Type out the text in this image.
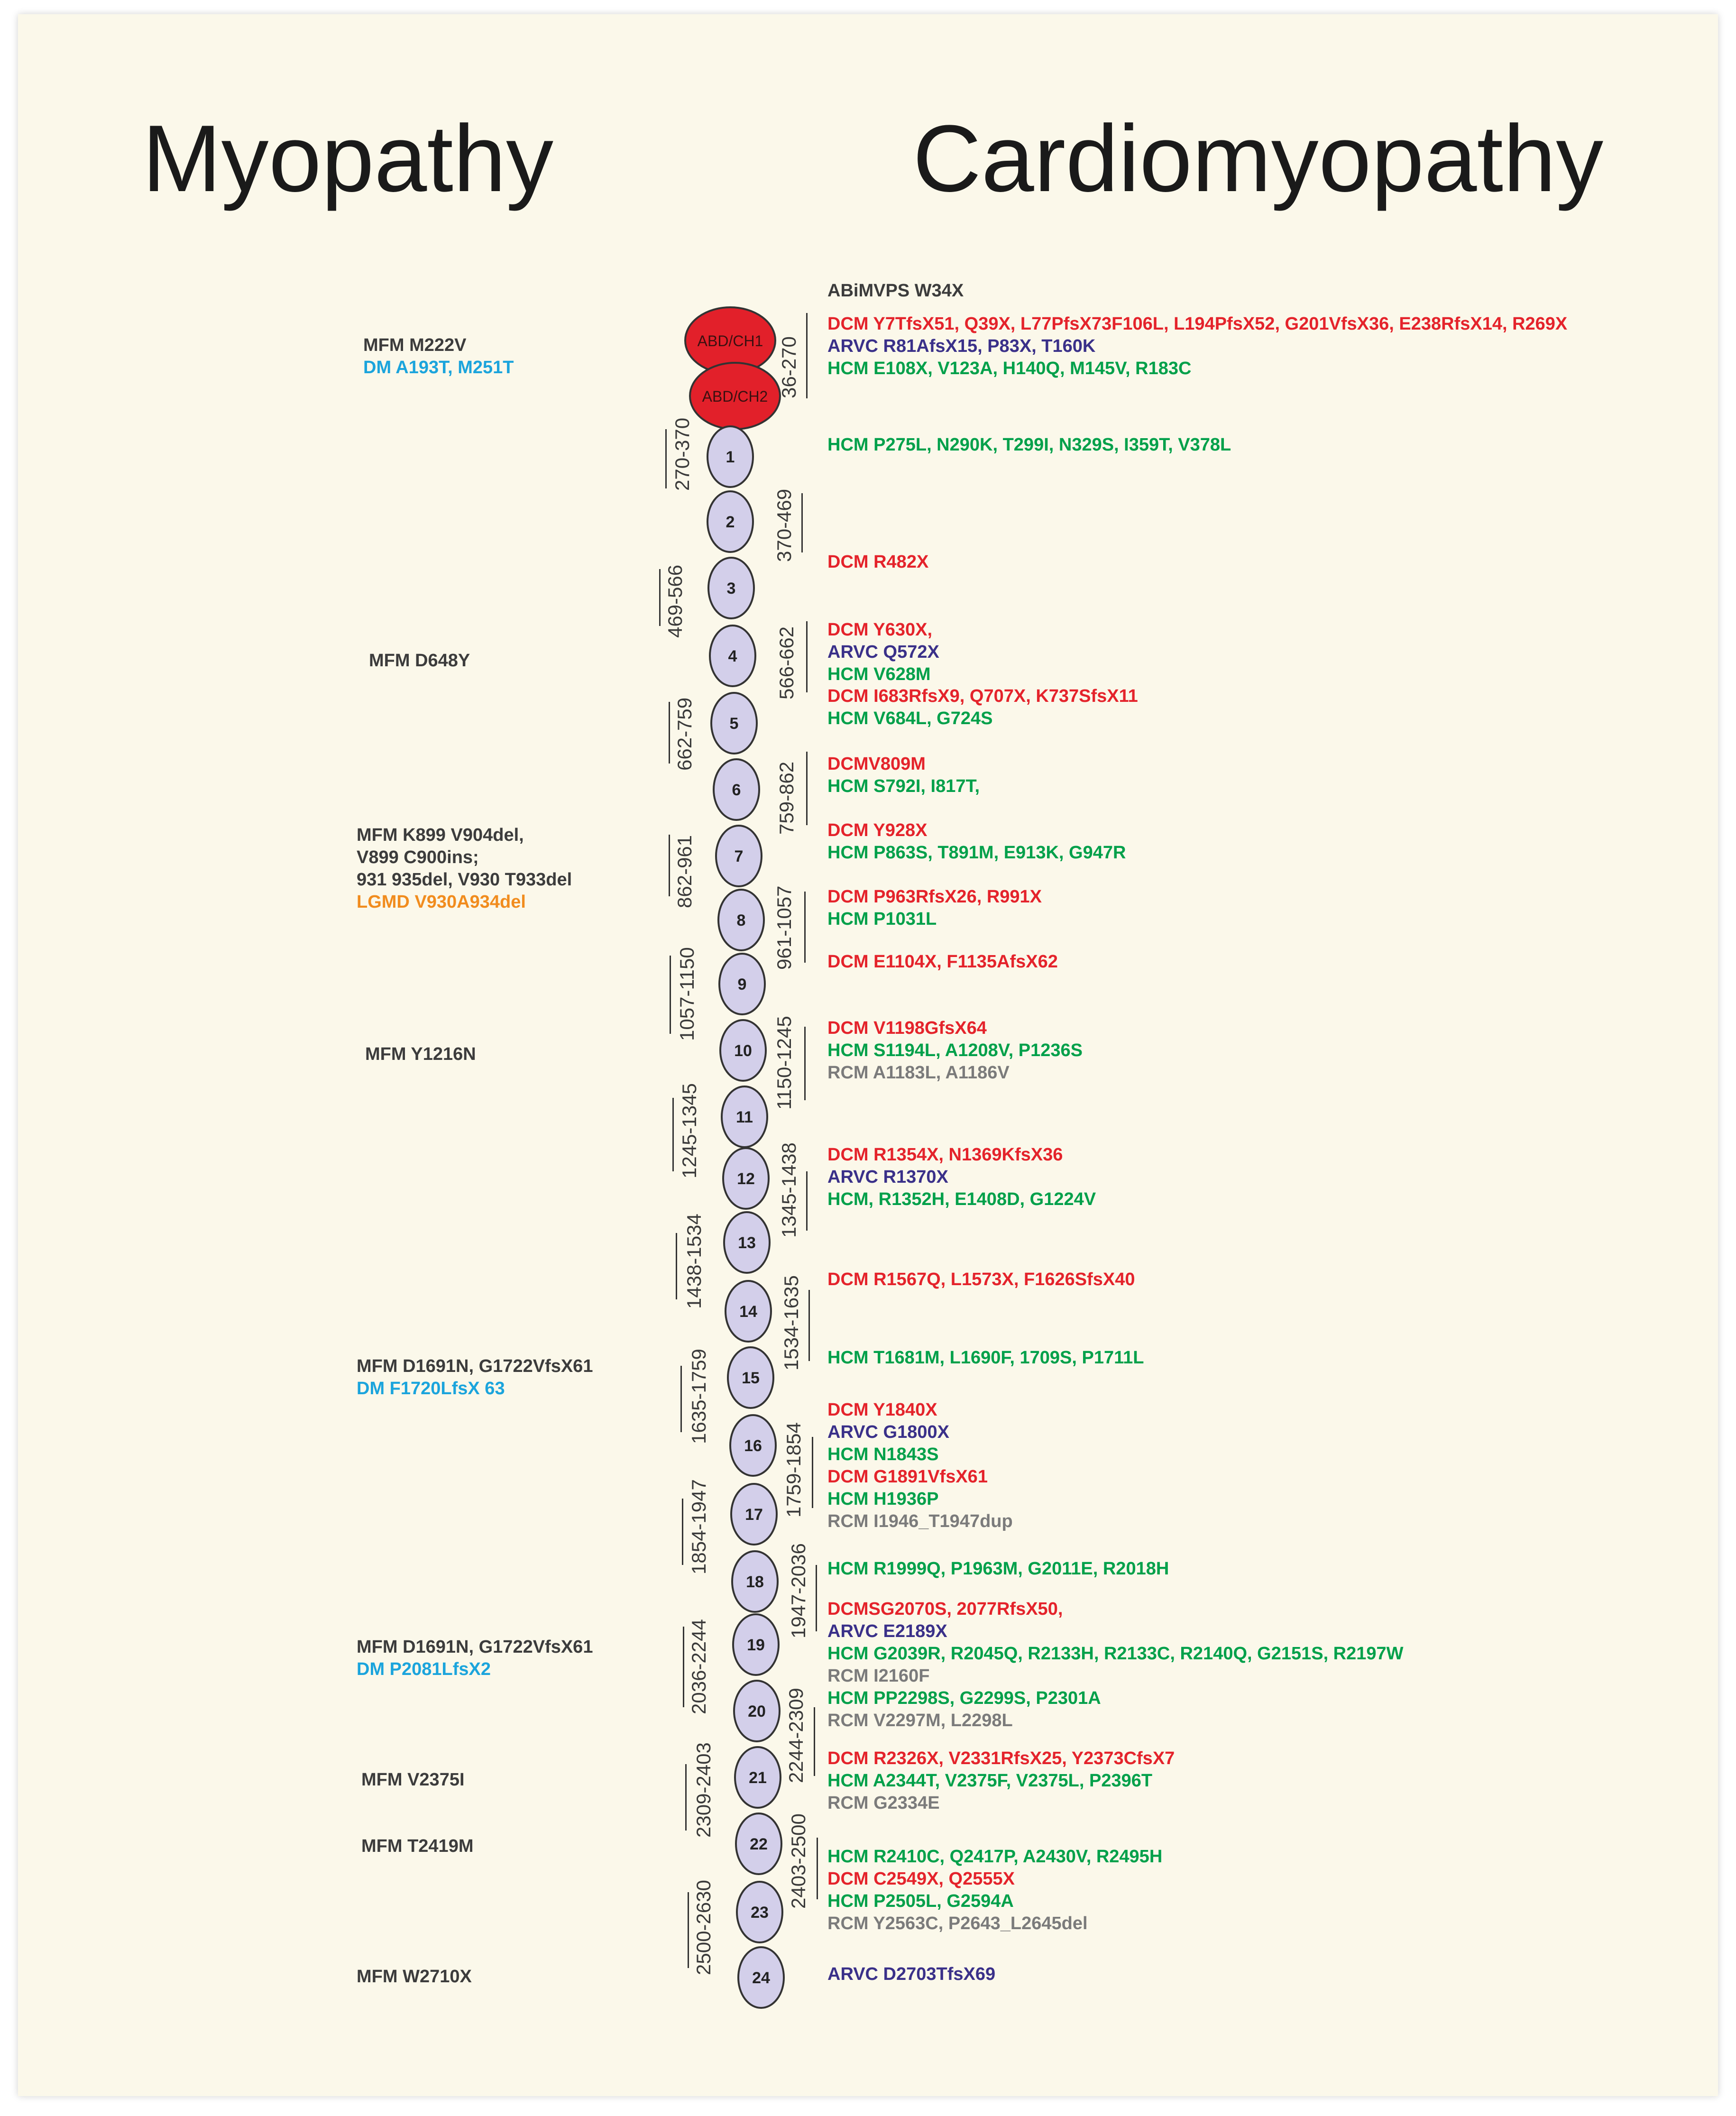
Myopathy	Cardiomyopathy
ABD/CH1
ABD/CH2
1
2
3
4
5
6
7
8
9
10
11
12
13
14
15
16
17
18
19
20
21
22
23
24
270-370
469-566
662-759
862-961
1057-1150
1245-1345
1438-1534
1635-1759
1854-1947
2036-2244
2309-2403
2500-2630
36-270
370-469
566-662
759-862
961-1057
1150-1245
1345-1438
1534-1635
1759-1854
1947-2036
2244-2309
2403-2500
MFM M222V
DM A193T, M251T
MFM D648Y
MFM K899 V904del,
V899 C900ins;
931 935del, V930 T933del
LGMD V930A934del
MFM Y1216N
MFM D1691N, G1722VfsX61
DM F1720LfsX 63
MFM D1691N, G1722VfsX61
DM P2081LfsX2
MFM V2375I
MFM T2419M
MFM W2710X
ABiMVPS W34X
DCM Y7TfsX51, Q39X, L77PfsX73F106L, L194PfsX52, G201VfsX36, E238RfsX14, R269X
ARVC R81AfsX15, P83X, T160K
HCM E108X, V123A, H140Q, M145V, R183C
HCM P275L, N290K, T299I, N329S, I359T, V378L
DCM R482X
DCM Y630X,
ARVC Q572X
HCM V628M
DCM I683RfsX9, Q707X, K737SfsX11
HCM V684L, G724S
DCMV809M
HCM S792I, I817T,
DCM Y928X
HCM P863S, T891M, E913K, G947R
DCM P963RfsX26, R991X
HCM P1031L
DCM E1104X, F1135AfsX62
DCM V1198GfsX64
HCM S1194L, A1208V, P1236S
RCM A1183L, A1186V
DCM R1354X, N1369KfsX36
ARVC R1370X
HCM, R1352H, E1408D, G1224V
DCM R1567Q, L1573X, F1626SfsX40
HCM T1681M, L1690F, 1709S, P1711L
DCM Y1840X
ARVC G1800X
HCM N1843S
DCM G1891VfsX61
HCM H1936P
RCM I1946_T1947dup
HCM R1999Q, P1963M, G2011E, R2018H
DCMSG2070S, 2077RfsX50,
ARVC E2189X
HCM G2039R, R2045Q, R2133H, R2133C, R2140Q, G2151S, R2197W
RCM I2160F
HCM PP2298S, G2299S, P2301A
RCM V2297M, L2298L
DCM R2326X, V2331RfsX25, Y2373CfsX7
HCM A2344T, V2375F, V2375L, P2396T
RCM G2334E
HCM R2410C, Q2417P, A2430V, R2495H
DCM C2549X, Q2555X
HCM P2505L, G2594A
RCM Y2563C, P2643_L2645del
ARVC D2703TfsX69
